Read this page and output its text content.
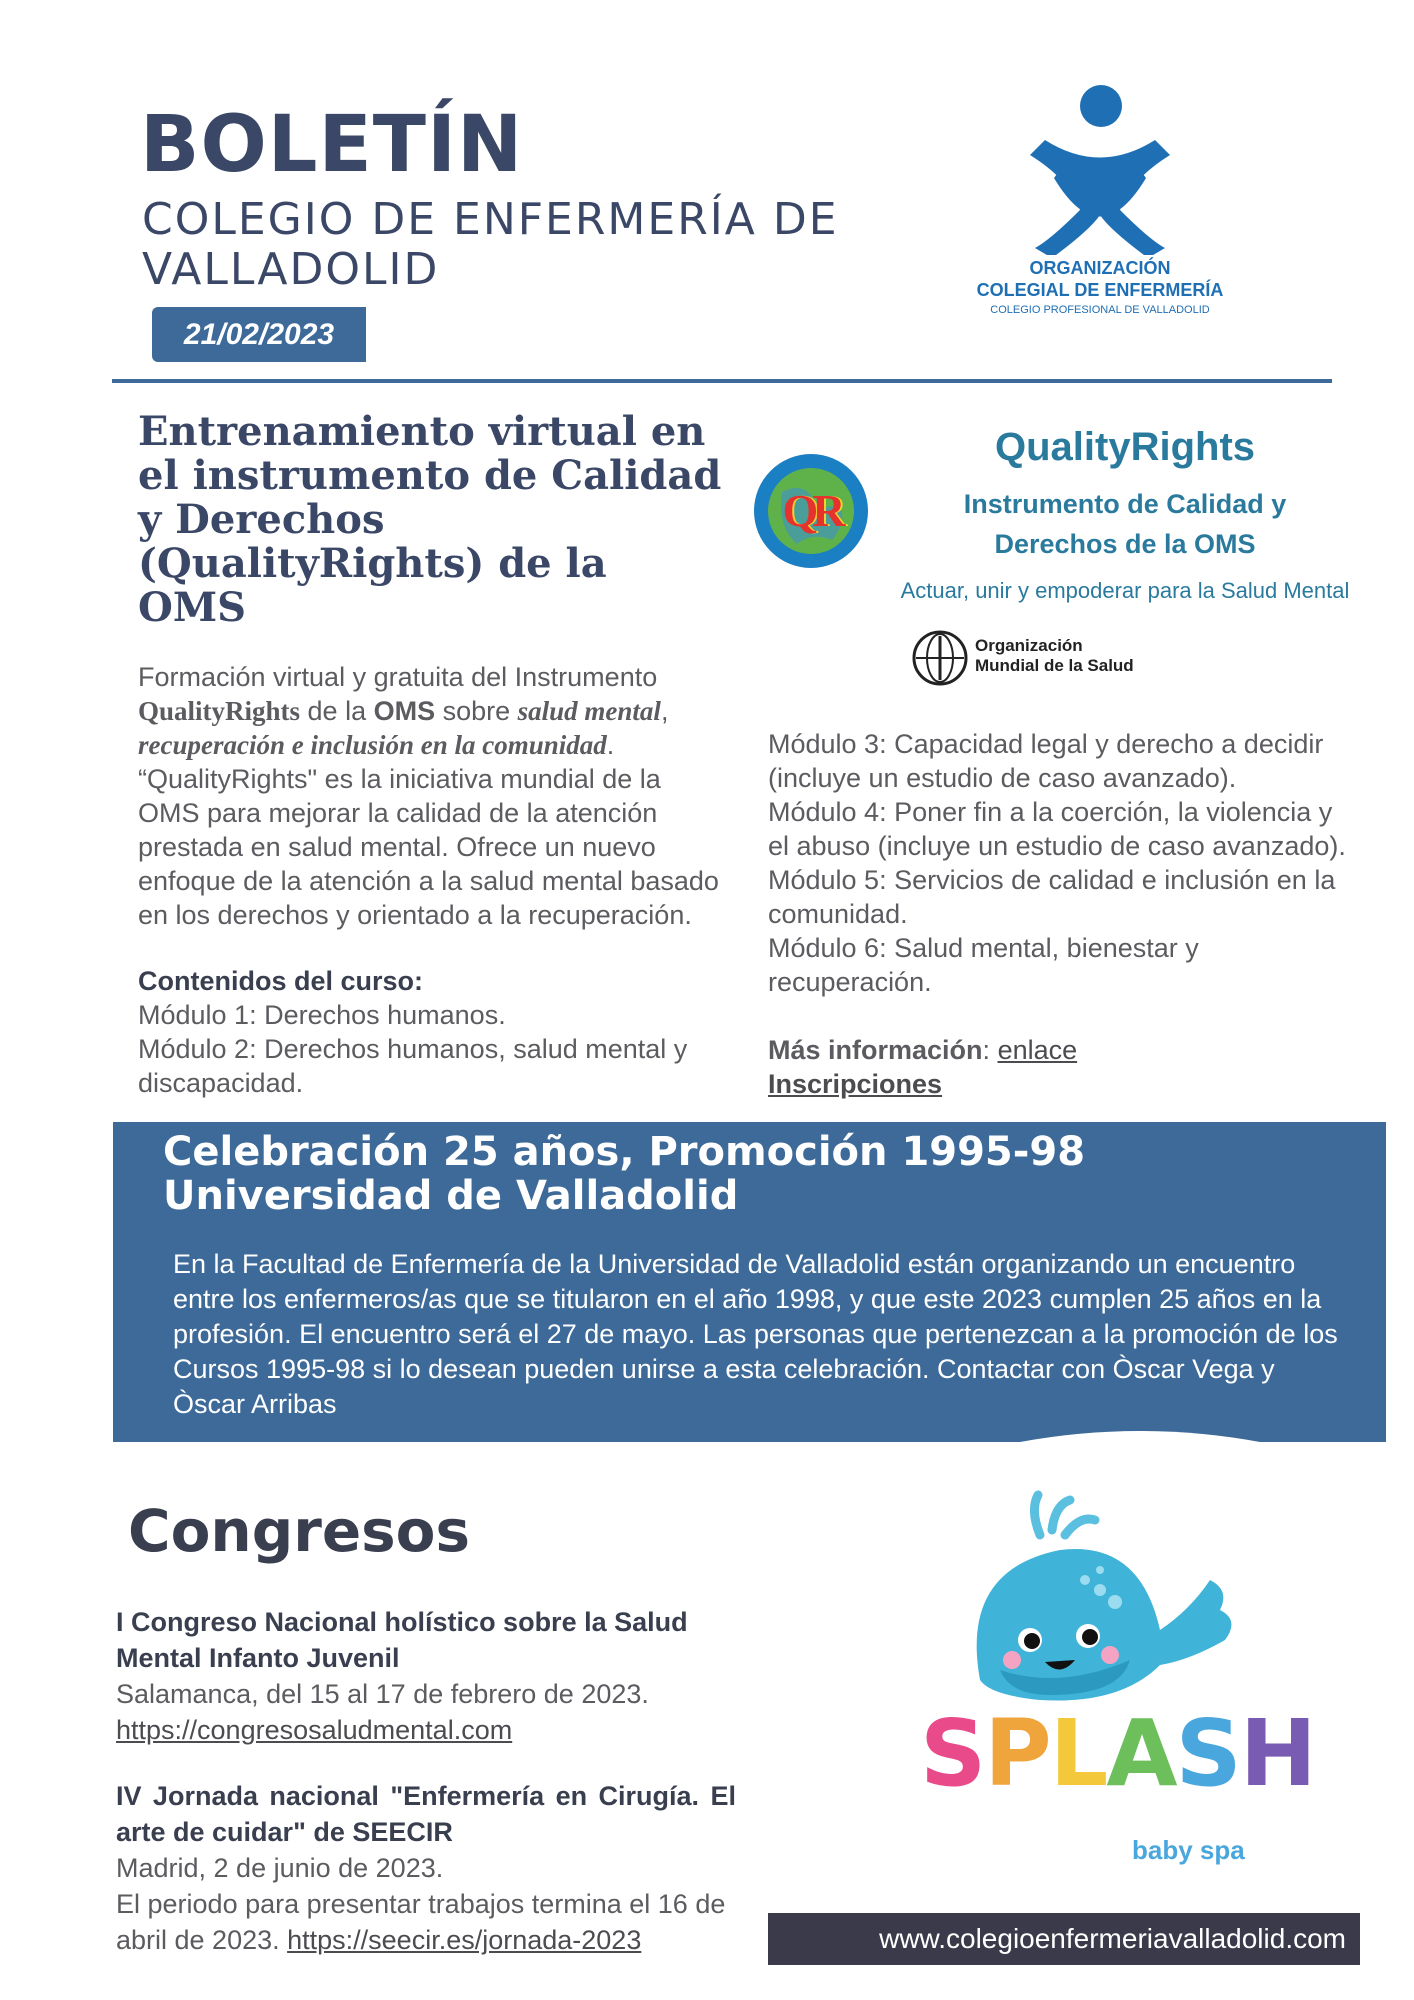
BOLETÍN
COLEGIO DE ENFERMERÍA DE
VALLADOLID
21/02/2023
ORGANIZACIÓN
COLEGIAL DE ENFERMERÍA
COLEGIO PROFESIONAL DE VALLADOLID
Entrenamiento virtual en el instrumento de Calidad y Derechos (QualityRights) de la OMS
Formación virtual y gratuita del Instrumento QualityRights de la OMS sobre salud mental, recuperación e inclusión en la comunidad.
“QualityRights" es la iniciativa mundial de la OMS para mejorar la calidad de la atención prestada en salud mental. Ofrece un nuevo enfoque de la atención a la salud mental basado en los derechos y orientado a la recuperación.
Contenidos del curso:
Módulo 1: Derechos humanos.
Módulo 2: Derechos humanos, salud mental y discapacidad.
Módulo 3: Capacidad legal y derecho a decidir (incluye un estudio de caso avanzado).
Módulo 4: Poner fin a la coerción, la violencia y el abuso (incluye un estudio de caso avanzado).
Módulo 5: Servicios de calidad e inclusión en la comunidad.
Módulo 6: Salud mental, bienestar y recuperación.
Más información: enlace
Inscripciones
QR
QualityRights
Instrumento de Calidad y Derechos de la OMS
Actuar, unir y empoderar para la Salud Mental
Organización
Mundial de la Salud
Celebración 25 años, Promoción 1995-98
Universidad de Valladolid
En la Facultad de Enfermería de la Universidad de Valladolid están organizando un encuentro entre los enfermeros/as que se titularon en el año 1998, y que este 2023 cumplen 25 años en la profesión. El encuentro será el 27 de mayo. Las personas que pertenezcan a la promoción de los Cursos 1995-98 si lo desean pueden unirse a esta celebración. Contactar con Òscar Vega y Òscar Arribas
Congresos
I Congreso Nacional holístico sobre la Salud Mental Infanto Juvenil
Salamanca, del 15 al 17 de febrero de 2023.
https://congresosaludmental.com
IV Jornada nacional "Enfermería en Cirugía. El arte de cuidar" de SEECIR
Madrid, 2 de junio de 2023.
El periodo para presentar trabajos termina el 16 de abril de 2023. https://seecir.es/jornada-2023
SPLASH
baby spa
www.colegioenfermeriavalladolid.com
